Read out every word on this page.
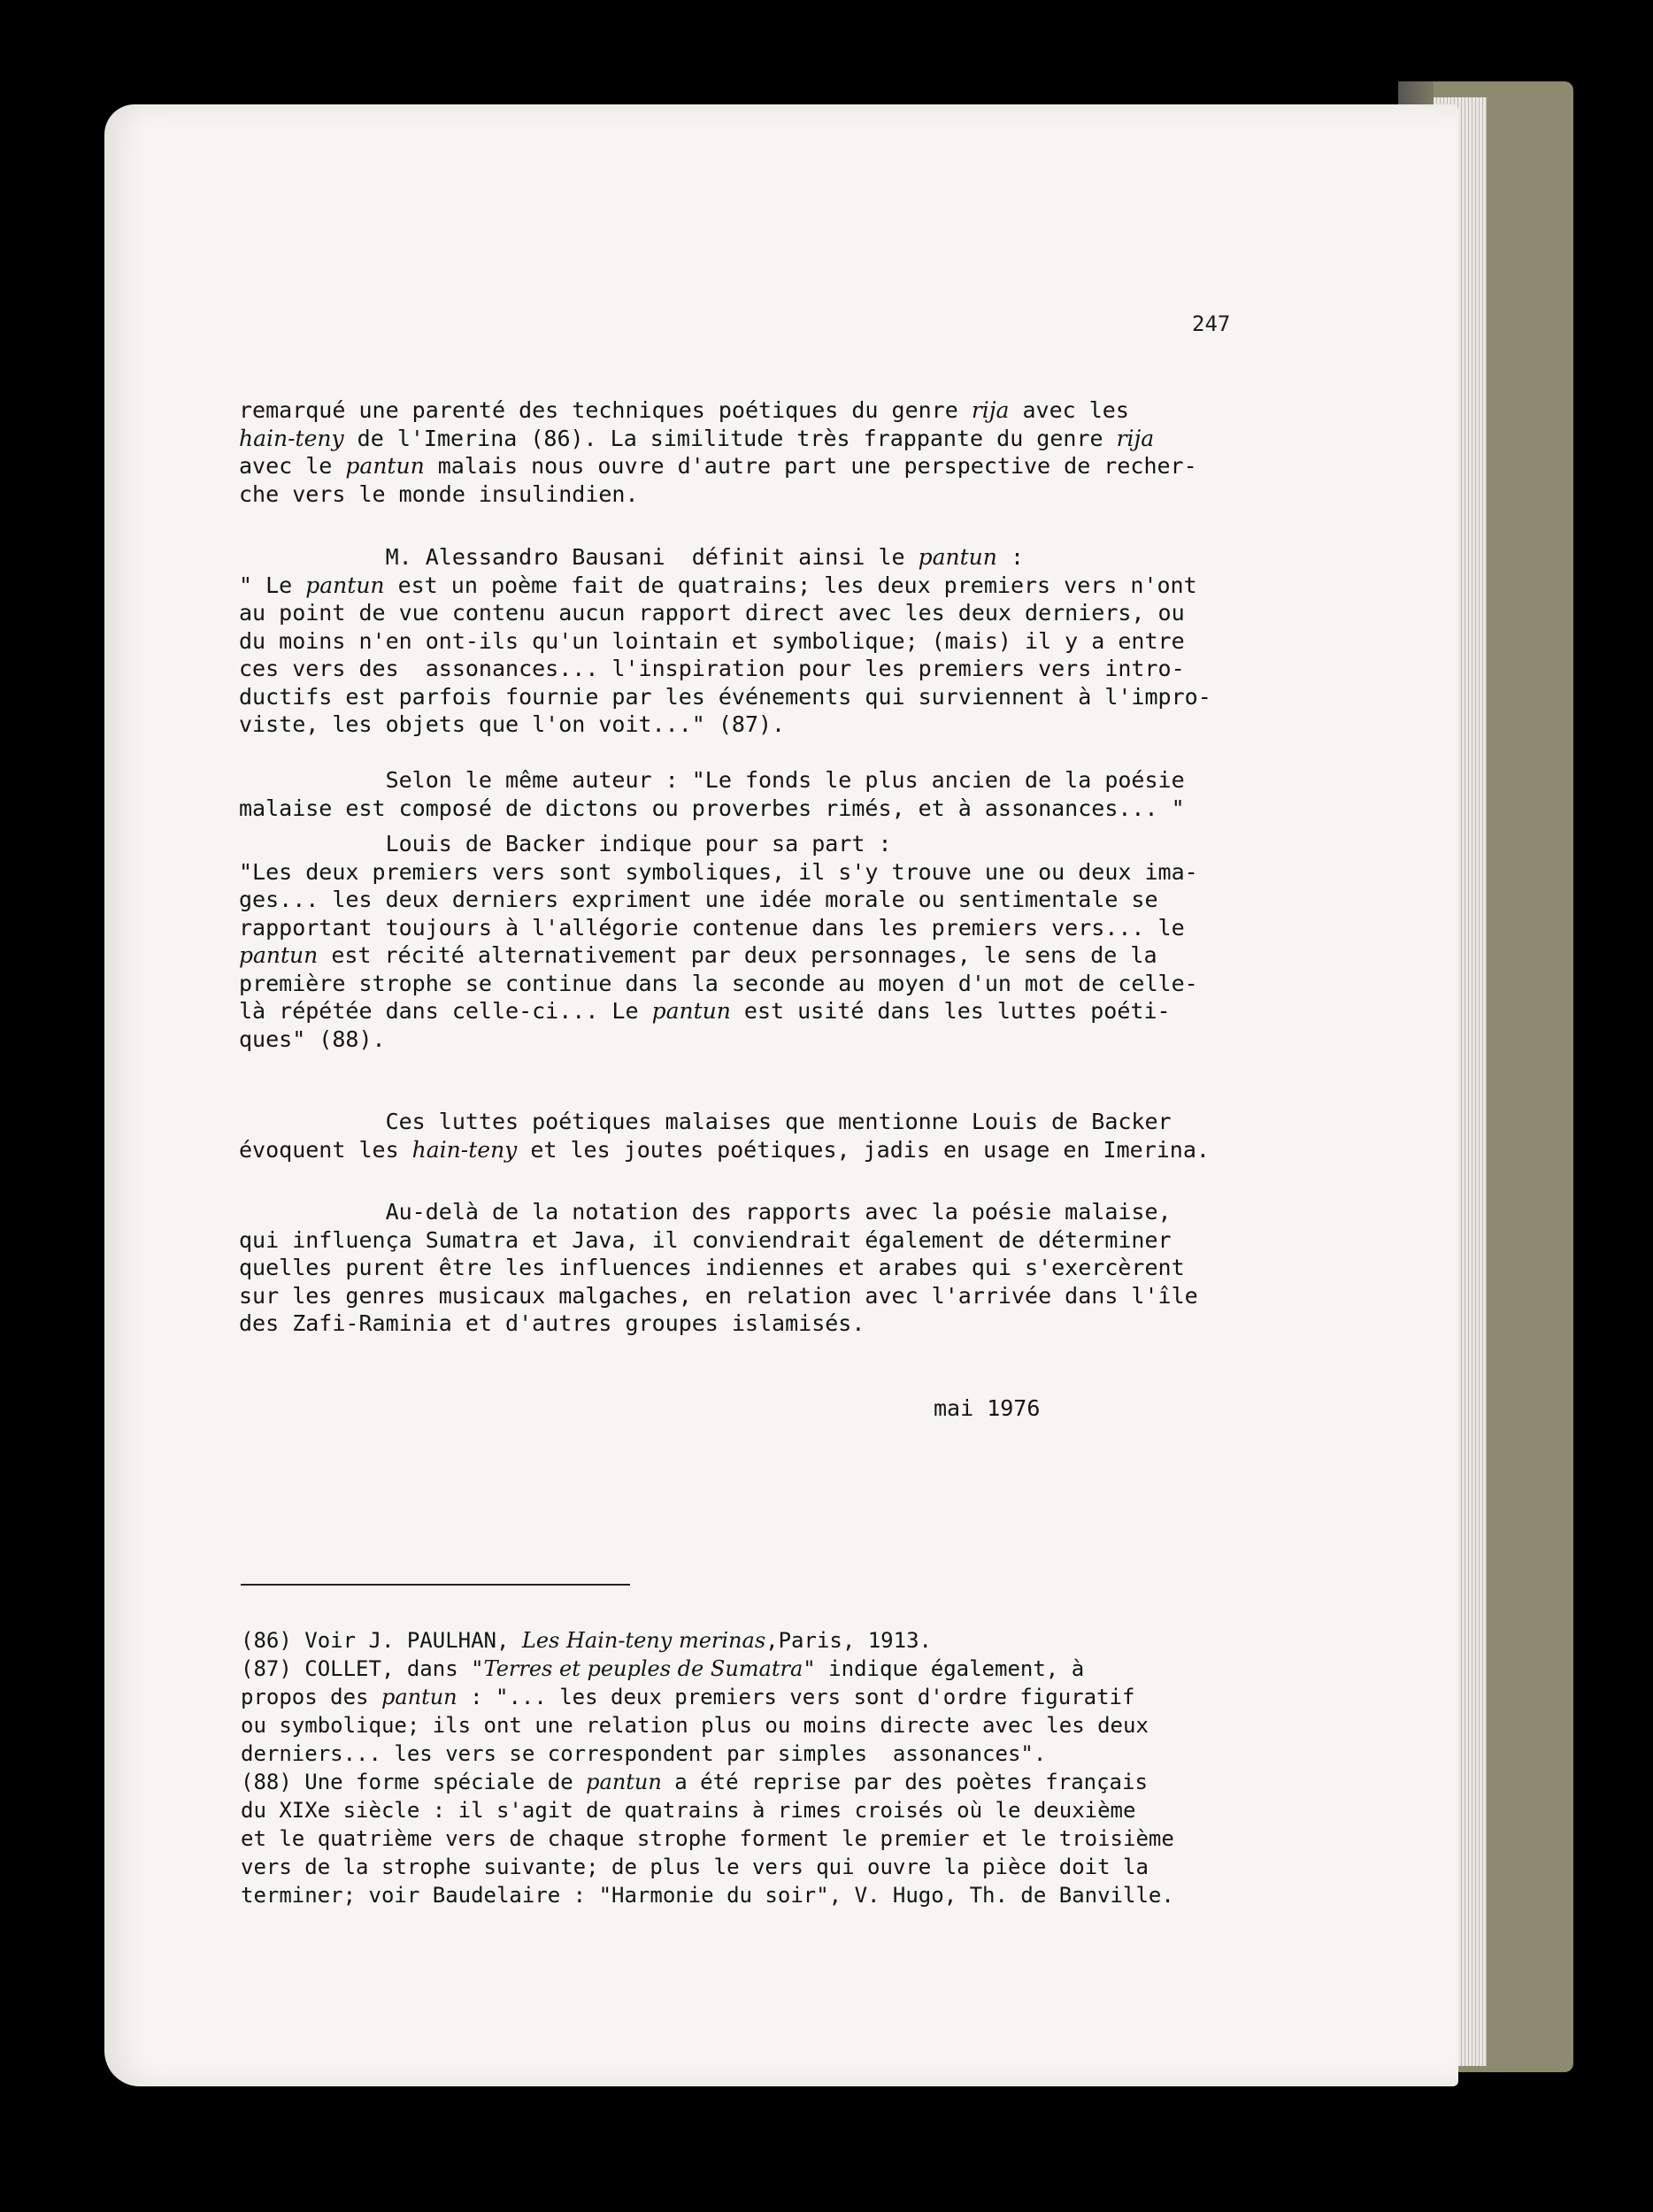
247
remarqué une parenté des techniques poétiques du genre rija avec les
hain-teny de l'Imerina (86). La similitude très frappante du genre rija
avec le pantun malais nous ouvre d'autre part une perspective de recher-
che vers le monde insulindien.
M. Alessandro Bausani  définit ainsi le pantun :
" Le pantun est un poème fait de quatrains; les deux premiers vers n'ont
au point de vue contenu aucun rapport direct avec les deux derniers, ou
du moins n'en ont-ils qu'un lointain et symbolique; (mais) il y a entre
ces vers des  assonances... l'inspiration pour les premiers vers intro-
ductifs est parfois fournie par les événements qui surviennent à l'impro-
viste, les objets que l'on voit..." (87).
Selon le même auteur : "Le fonds le plus ancien de la poésie
malaise est composé de dictons ou proverbes rimés, et à assonances... "
Louis de Backer indique pour sa part :
"Les deux premiers vers sont symboliques, il s'y trouve une ou deux ima-
ges... les deux derniers expriment une idée morale ou sentimentale se
rapportant toujours à l'allégorie contenue dans les premiers vers... le
pantun est récité alternativement par deux personnages, le sens de la
première strophe se continue dans la seconde au moyen d'un mot de celle-
là répétée dans celle-ci... Le pantun est usité dans les luttes poéti-
ques" (88).
Ces luttes poétiques malaises que mentionne Louis de Backer
évoquent les hain-teny et les joutes poétiques, jadis en usage en Imerina.
Au-delà de la notation des rapports avec la poésie malaise,
qui influença Sumatra et Java, il conviendrait également de déterminer
quelles purent être les influences indiennes et arabes qui s'exercèrent
sur les genres musicaux malgaches, en relation avec l'arrivée dans l'île
des Zafi-Raminia et d'autres groupes islamisés.
mai 1976
(86) Voir J. PAULHAN, Les Hain-teny merinas,Paris, 1913.
(87) COLLET, dans "Terres et peuples de Sumatra" indique également, à
propos des pantun : "... les deux premiers vers sont d'ordre figuratif
ou symbolique; ils ont une relation plus ou moins directe avec les deux
derniers... les vers se correspondent par simples  assonances".
(88) Une forme spéciale de pantun a été reprise par des poètes français
du XIXe siècle : il s'agit de quatrains à rimes croisés où le deuxième
et le quatrième vers de chaque strophe forment le premier et le troisième
vers de la strophe suivante; de plus le vers qui ouvre la pièce doit la
terminer; voir Baudelaire : "Harmonie du soir", V. Hugo, Th. de Banville.
